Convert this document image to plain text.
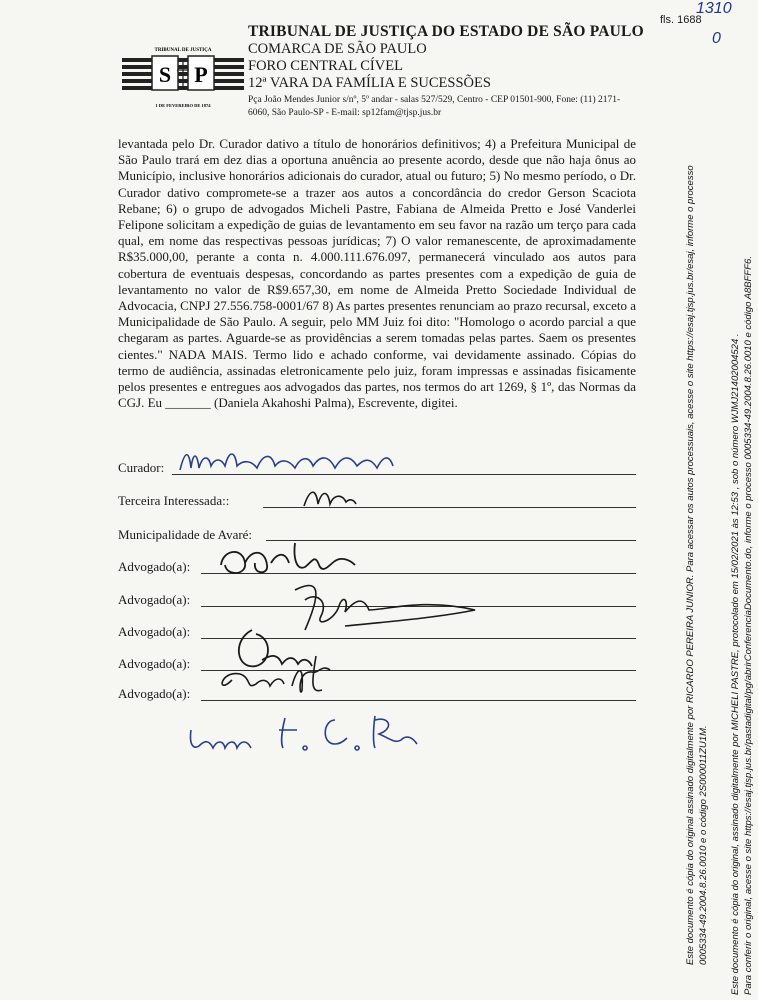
TRIBUNAL DE JUSTIÇA
S P
1 DE FEVEREIRO DE 1874
TRIBUNAL DE JUSTIÇA DO ESTADO DE SÃO PAULO
COMARCA DE SÃO PAULO
FORO CENTRAL CÍVEL
12ª VARA DA FAMÍLIA E SUCESSÕES
Pça João Mendes Junior s/nº, 5º andar - salas 527/529, Centro - CEP 01501-900, Fone: (11) 2171-6060, São Paulo-SP - E-mail: sp12fam@tjsp.jus.br
fls. 1688
1310
0

levantada pelo Dr. Curador dativo a título de honorários definitivos; 4) a Prefeitura Municipal de São Paulo trará em dez dias a oportuna anuência ao presente acordo, desde que não haja ônus ao Município, inclusive honorários adicionais do curador, atual ou futuro; 5) No mesmo período, o Dr. Curador dativo compromete-se a trazer aos autos a concordância do credor Gerson Scaciota Rebane; 6) o grupo de advogados Micheli Pastre, Fabiana de Almeida Pretto e José Vanderlei Felipone solicitam a expedição de guias de levantamento em seu favor na razão um terço para cada qual, em nome das respectivas pessoas jurídicas; 7) O valor remanescente, de aproximadamente R$35.000,00, perante a conta n. 4.000.111.676.097, permanecerá vinculado aos autos para cobertura de eventuais despesas, concordando as partes presentes com a expedição de guia de levantamento no valor de R$9.657,30, em nome de Almeida Pretto Sociedade Individual de Advocacia, CNPJ 27.556.758-0001/67 8) As partes presentes renunciam ao prazo recursal, exceto a Municipalidade de São Paulo. A seguir, pelo MM Juiz foi dito: "Homologo o acordo parcial a que chegaram as partes. Aguarde-se as providências a serem tomadas pelas partes. Saem os presentes cientes." NADA MAIS. Termo lido e achado conforme, vai devidamente assinado. Cópias do termo de audiência, assinadas eletronicamente pelo juiz, foram impressas e assinadas fisicamente pelos presentes e entregues aos advogados das partes, nos termos do art 1269, § 1º, das Normas da CGJ. Eu _______ (Daniela Akahoshi Palma), Escrevente, digitei.

Curador:
Terceira Interessada::
Municipalidade de Avaré:
Advogado(a):
Advogado(a):
Advogado(a):
Advogado(a):
Advogado(a):	Este documento é cópia do original assinado digitalmente por RICARDO PEREIRA JUNIOR. Para acessar os autos processuais, acesse o site https://esaj.tjsp.jus.br/esaj, informe o processo 0005334-49.2004.8.26.0010 e o código 2S000011ZU1M. Este documento é cópia do original, assinado digitalmente por MICHELI PASTRE, protocolado em 15/02/2021 às 12:53 , sob o número WJMJ21402004524 . Para conferir o original, acesse o site https://esaj.tjsp.jus.br/pastadigital/pg/abrirConferenciaDocumento.do, informe o processo 0005334-49.2004.8.26.0010 e código A8BFFF6.
